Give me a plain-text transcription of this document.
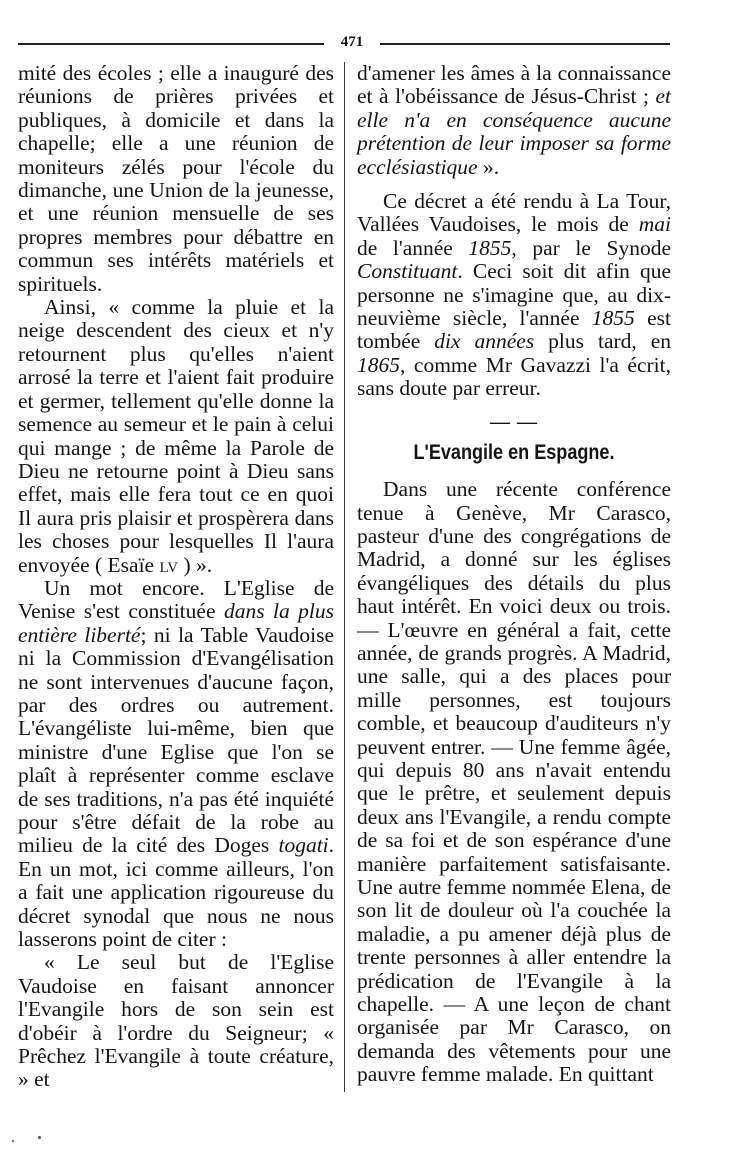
471

mité des écoles ; elle a inauguré des réunions de prières privées et publiques, à domicile et dans la chapelle; elle a une réunion de moniteurs zélés pour l'école du dimanche, une Union de la jeunesse, et une réunion mensuelle de ses propres membres pour débattre en commun ses intérêts matériels et spirituels.

Ainsi, « comme la pluie et la neige descendent des cieux et n'y retournent plus qu'elles n'aient arrosé la terre et l'aient fait produire et germer, tellement qu'elle donne la semence au semeur et le pain à celui qui mange ; de même la Parole de Dieu ne retourne point à Dieu sans effet, mais elle fera tout ce en quoi Il aura pris plaisir et prospèrera dans les choses pour lesquelles Il l'aura envoyée ( Esaïe lv ) ».

Un mot encore. L'Eglise de Venise s'est constituée dans la plus entière liberté; ni la Table Vaudoise ni la Commission d'Evangélisation ne sont intervenues d'aucune façon, par des ordres ou autrement. L'évangéliste lui-même, bien que ministre d'une Eglise que l'on se plaît à représenter comme esclave de ses traditions, n'a pas été inquiété pour s'être défait de la robe au milieu de la cité des Doges togati. En un mot, ici comme ailleurs, l'on a fait une application rigoureuse du décret synodal que nous ne nous lasserons point de citer :

« Le seul but de l'Eglise Vaudoise en faisant annoncer l'Evangile hors de son sein est d'obéir à l'ordre du Seigneur; « Prêchez l'Evangile à toute créature, » et

d'amener les âmes à la connaissance et à l'obéissance de Jésus-Christ ; et elle n'a en conséquence aucune prétention de leur imposer sa forme ecclésiastique ».

Ce décret a été rendu à La Tour, Vallées Vaudoises, le mois de mai de l'année 1855, par le Synode Constituant. Ceci soit dit afin que personne ne s'imagine que, au dix-neuvième siècle, l'année 1855 est tombée dix années plus tard, en 1865, comme Mr Gavazzi l'a écrit, sans doute par erreur.

— —
L'Evangile en Espagne.

Dans une récente conférence tenue à Genève, Mr Carasco, pasteur d'une des congrégations de Madrid, a donné sur les églises évangéliques des détails du plus haut intérêt. En voici deux ou trois. — L'œuvre en général a fait, cette année, de grands progrès. A Madrid, une salle, qui a des places pour mille personnes, est toujours comble, et beaucoup d'auditeurs n'y peuvent entrer. — Une femme âgée, qui depuis 80 ans n'avait entendu que le prêtre, et seulement depuis deux ans l'Evangile, a rendu compte de sa foi et de son espérance d'une manière parfaitement satisfaisante. Une autre femme nommée Elena, de son lit de douleur où l'a couchée la maladie, a pu amener déjà plus de trente personnes à aller entendre la prédication de l'Evangile à la chapelle. — A une leçon de chant organisée par Mr Carasco, on demanda des vêtements pour une pauvre femme malade. En quittant
